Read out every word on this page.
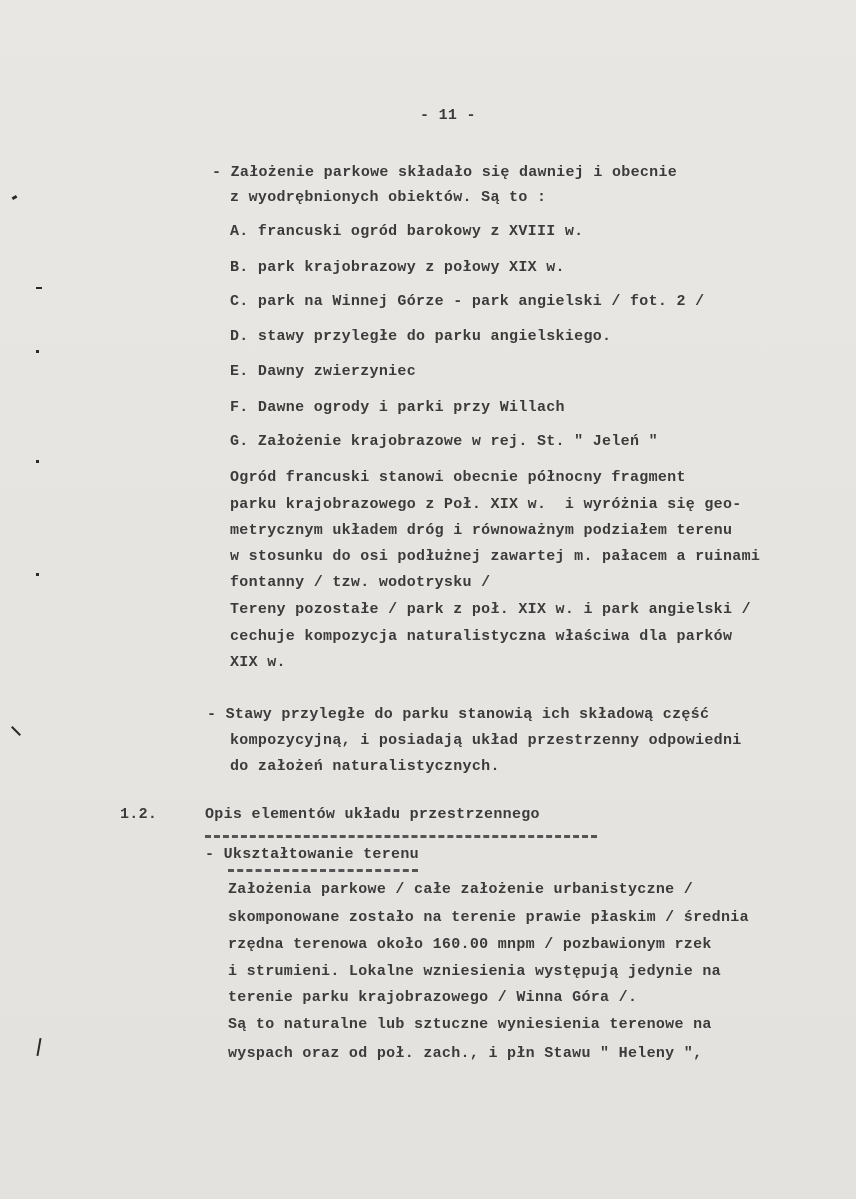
- 11 -
- Założenie parkowe składało się dawniej i obecnie
z wyodrębnionych obiektów. Są to :
A. francuski ogród barokowy z XVIII w.
B. park krajobrazowy z połowy XIX w.
C. park na Winnej Górze - park angielski / fot. 2 /
D. stawy przyległe do parku angielskiego.
E. Dawny zwierzyniec
F. Dawne ogrody i parki przy Willach
G. Założenie krajobrazowe w rej. St. " Jeleń "
Ogród francuski stanowi obecnie północny fragment
parku krajobrazowego z Poł. XIX w.  i wyróżnia się geo-
metrycznym układem dróg i równoważnym podziałem terenu
w stosunku do osi podłużnej zawartej m. pałacem a ruinami
fontanny / tzw. wodotrysku /
Tereny pozostałe / park z poł. XIX w. i park angielski /
cechuje kompozycja naturalistyczna właściwa dla parków
XIX w.
- Stawy przyległe do parku stanowią ich składową część
kompozycyjną, i posiadają układ przestrzenny odpowiedni
do założeń naturalistycznych.
1.2.	Opis elementów układu przestrzennego
- Ukształtowanie terenu
Założenia parkowe / całe założenie urbanistyczne /
skomponowane zostało na terenie prawie płaskim / średnia
rzędna terenowa około 160.00 mnpm / pozbawionym rzek
i strumieni. Lokalne wzniesienia występują jedynie na
terenie parku krajobrazowego / Winna Góra /.
Są to naturalne lub sztuczne wyniesienia terenowe na
wyspach oraz od poł. zach., i płn Stawu " Heleny ",
